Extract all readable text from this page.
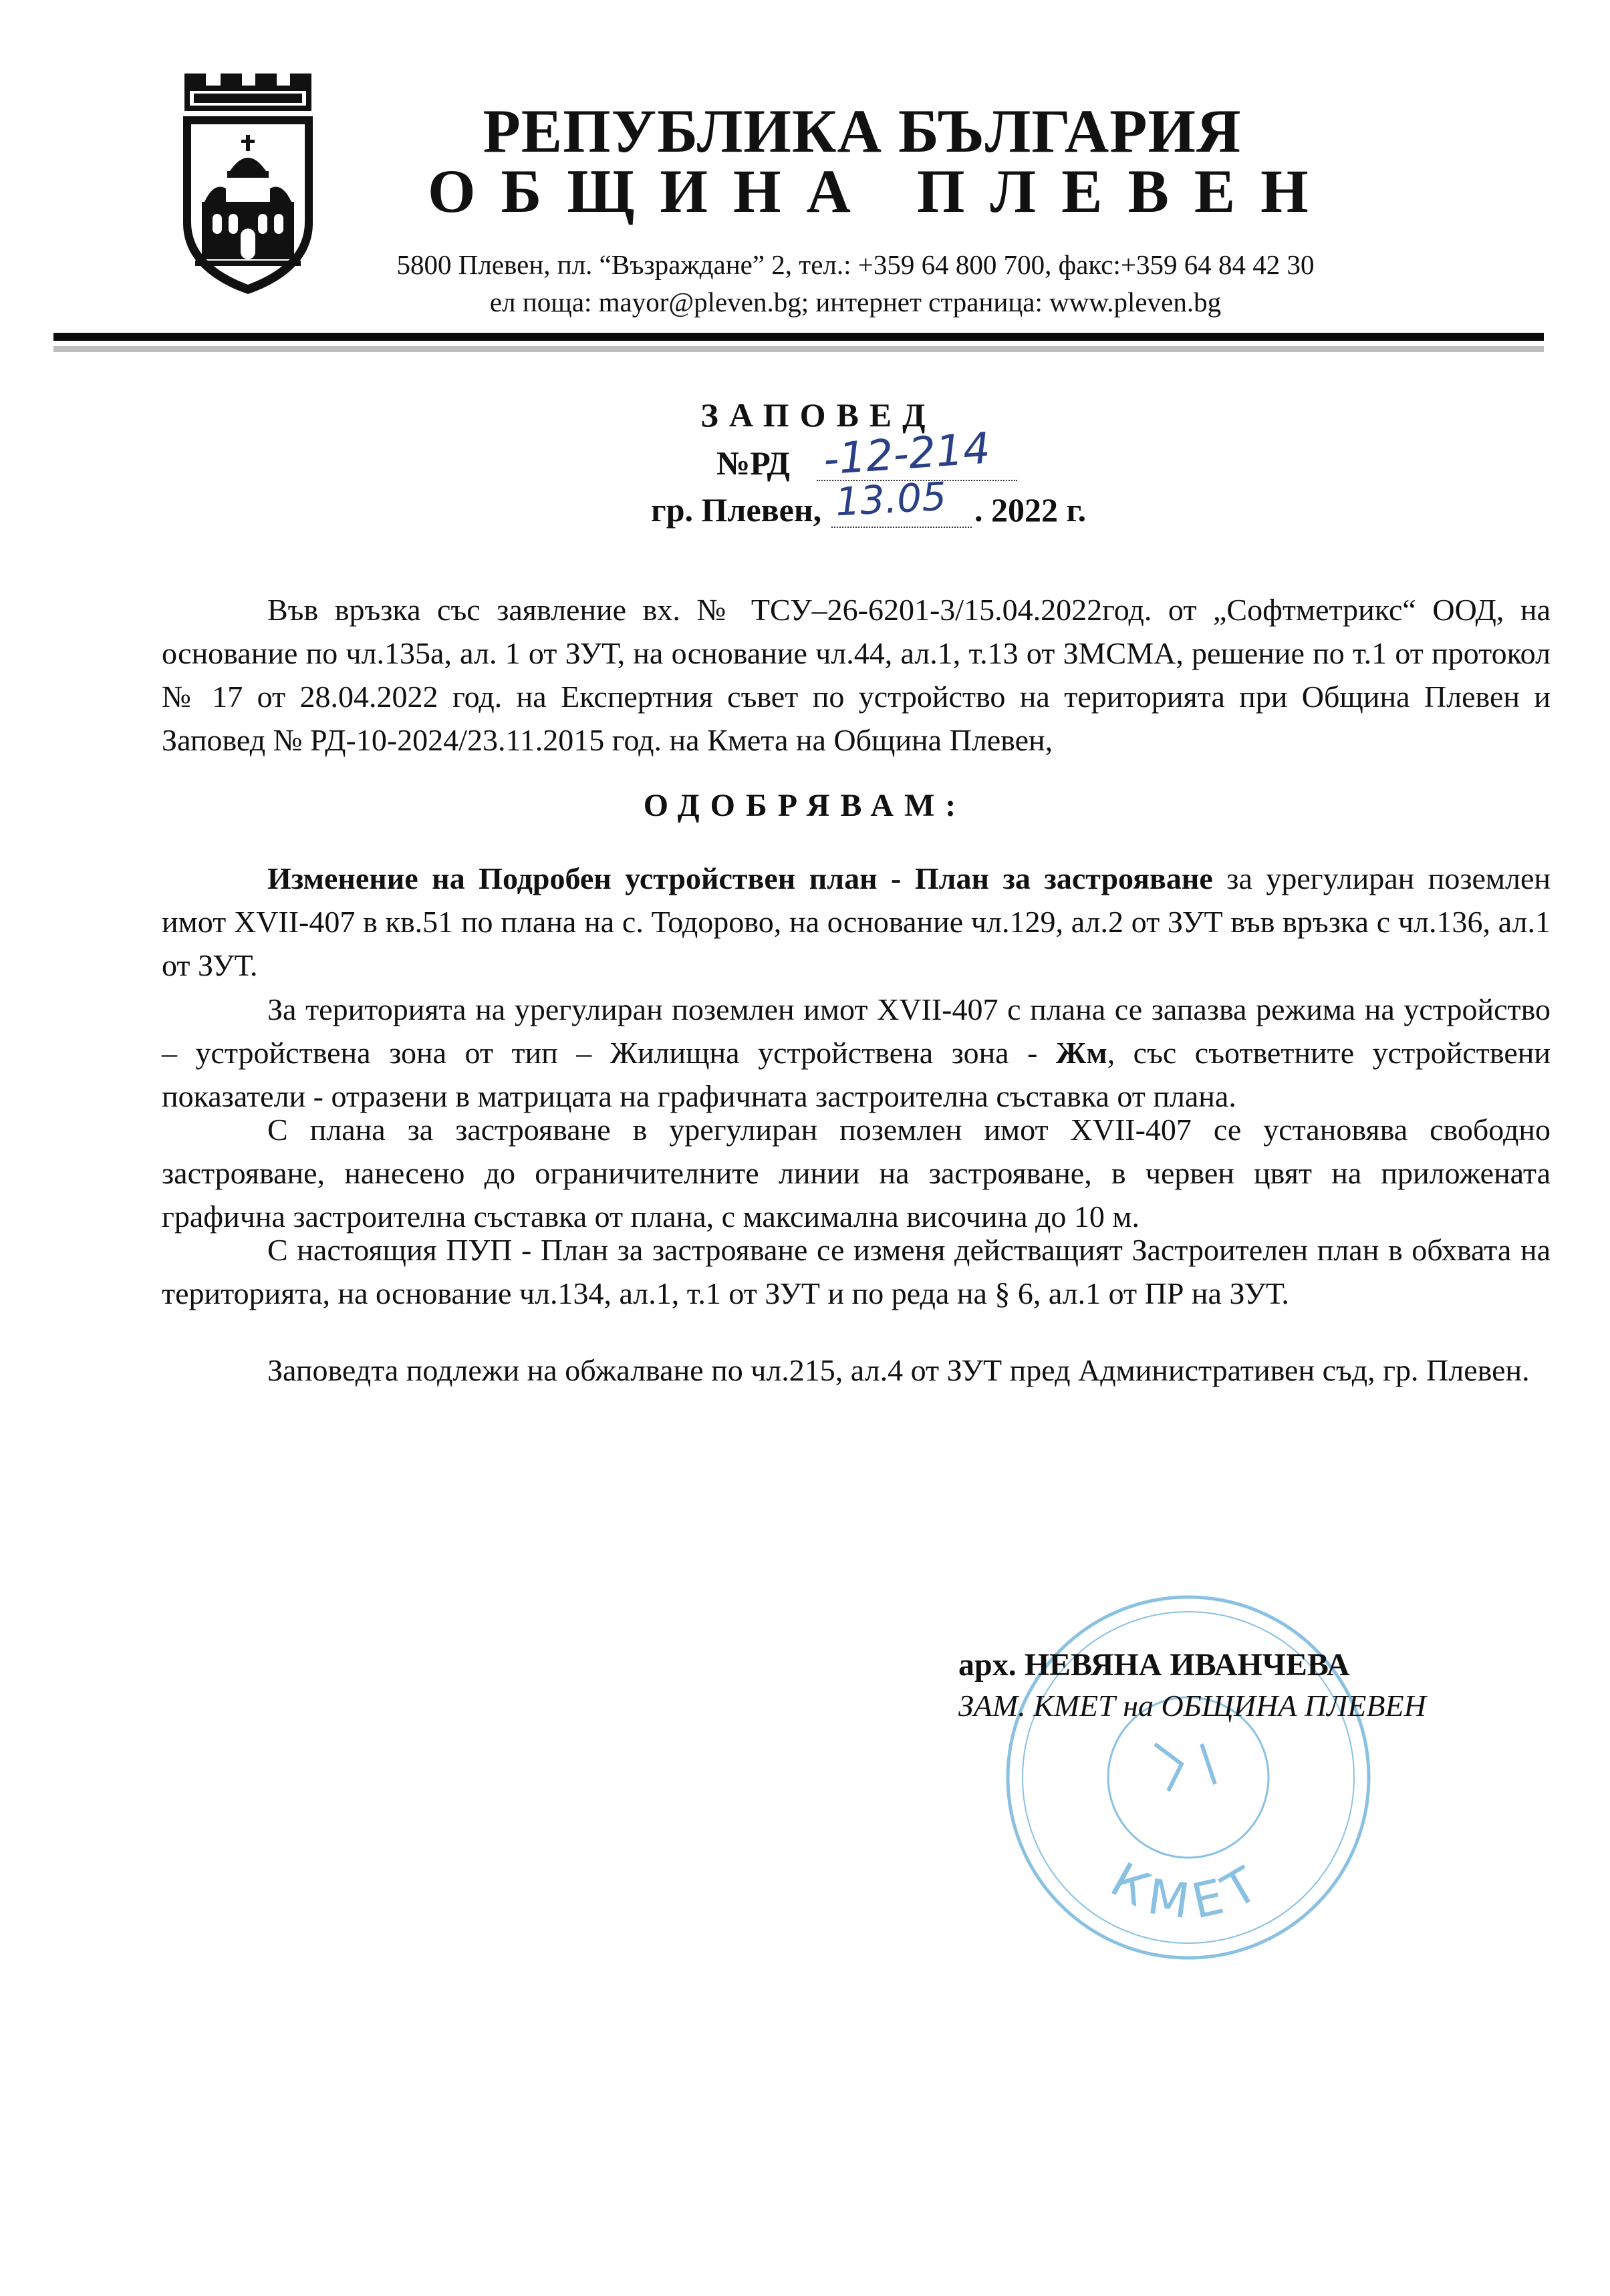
РЕПУБЛИКА БЪЛГАРИЯ
ОБЩИНА ПЛЕВЕН
5800 Плевен, пл. “Възраждане” 2, тел.: +359 64 800 700, факс:+359 64 84 42 30
ел поща: mayor@pleven.bg; интернет страница: www.pleven.bg
ЗАПОВЕД
№РД -12-214
гр. Плевен, 13.05 . 2022 г.

Във връзка със заявление вх. № ТСУ–26-6201-3/15.04.2022год. от „Софтметрикс“ ООД, на основание по чл.135а, ал. 1 от ЗУТ, на основание чл.44, ал.1, т.13 от ЗМСМА, решение по т.1 от протокол № 17 от 28.04.2022 год. на Експертния съвет по устройство на територията при Община Плевен и Заповед № РД-10-2024/23.11.2015 год. на Кмета на Община Плевен,

ОДОБРЯВАМ:

Изменение на Подробен устройствен план - План за застрояване за урегулиран поземлен имот XVII-407 в кв.51 по плана на с. Тодорово, на основание чл.129, ал.2 от ЗУТ във връзка с чл.136, ал.1 от ЗУТ.

За територията на урегулиран поземлен имот XVII-407 с плана се запазва режима на устройство – устройствена зона от тип – Жилищна устройствена зона - Жм, със съответните устройствени показатели - отразени в матрицата на графичната застроителна съставка от плана.

С плана за застрояване в урегулиран поземлен имот XVII-407 се установява свободно застрояване, нанесено до ограничителните линии на застрояване, в червен цвят на приложената графична застроителна съставка от плана, с максимална височина до 10 м.

С настоящия ПУП - План за застрояване се изменя действащият Застроителен план в обхвата на територията, на основание чл.134, ал.1, т.1 от ЗУТ и по реда на § 6, ал.1 от ПР на ЗУТ.

Заповедта подлежи на обжалване по чл.215, ал.4 от ЗУТ пред Административен съд, гр. Плевен.

КМЕТ
арх. НЕВЯНА ИВАНЧЕВА
ЗАМ. КМЕТ на ОБЩИНА ПЛЕВЕН
